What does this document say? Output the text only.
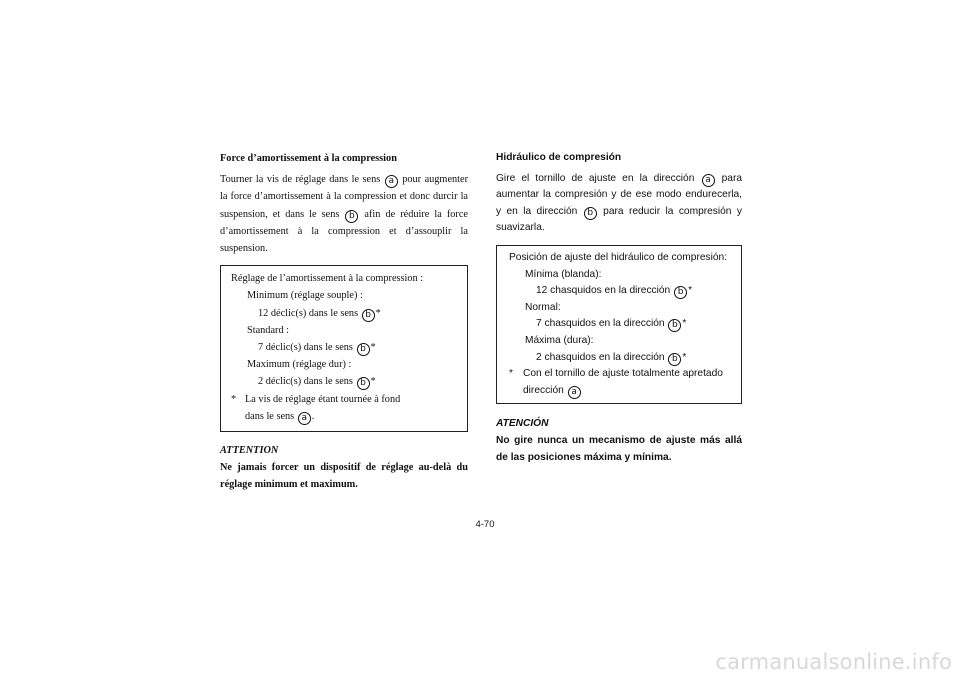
Force d’amortissement à la compression

Tourner la vis de réglage dans le sens a pour augmenter la force d’amortissement à la compression et donc durcir la suspension, et dans le sens b afin de réduire la force d’amortissement à la compression et d’assouplir la suspension.

Réglage de l’amortissement à la compression :
Minimum (réglage souple) :
12 déclic(s) dans le sens b *
Standard :
7 déclic(s) dans le sens b *
Maximum (réglage dur) :
2 déclic(s) dans le sens b *
* La vis de réglage étant tournée à fond
dans le sens a .
ATTENTION

Ne jamais forcer un dispositif de réglage au-delà du réglage minimum et maximum.

Hidráulico de compresión

Gire el tornillo de ajuste en la dirección a para aumentar la compresión y de ese modo endurecerla, y en la dirección b para reducir la compresión y suavizarla.

Posición de ajuste del hidráulico de compresión:
Mínima (blanda):
12 chasquidos en la dirección b *
Normal:
7 chasquidos en la dirección b *
Máxima (dura):
2 chasquidos en la dirección b *
* Con el tornillo de ajuste totalmente apretado
dirección a
ATENCIÓN

No gire nunca un mecanismo de ajuste más allá de las posiciones máxima y mínima.

4-70
carmanualsonline.info
